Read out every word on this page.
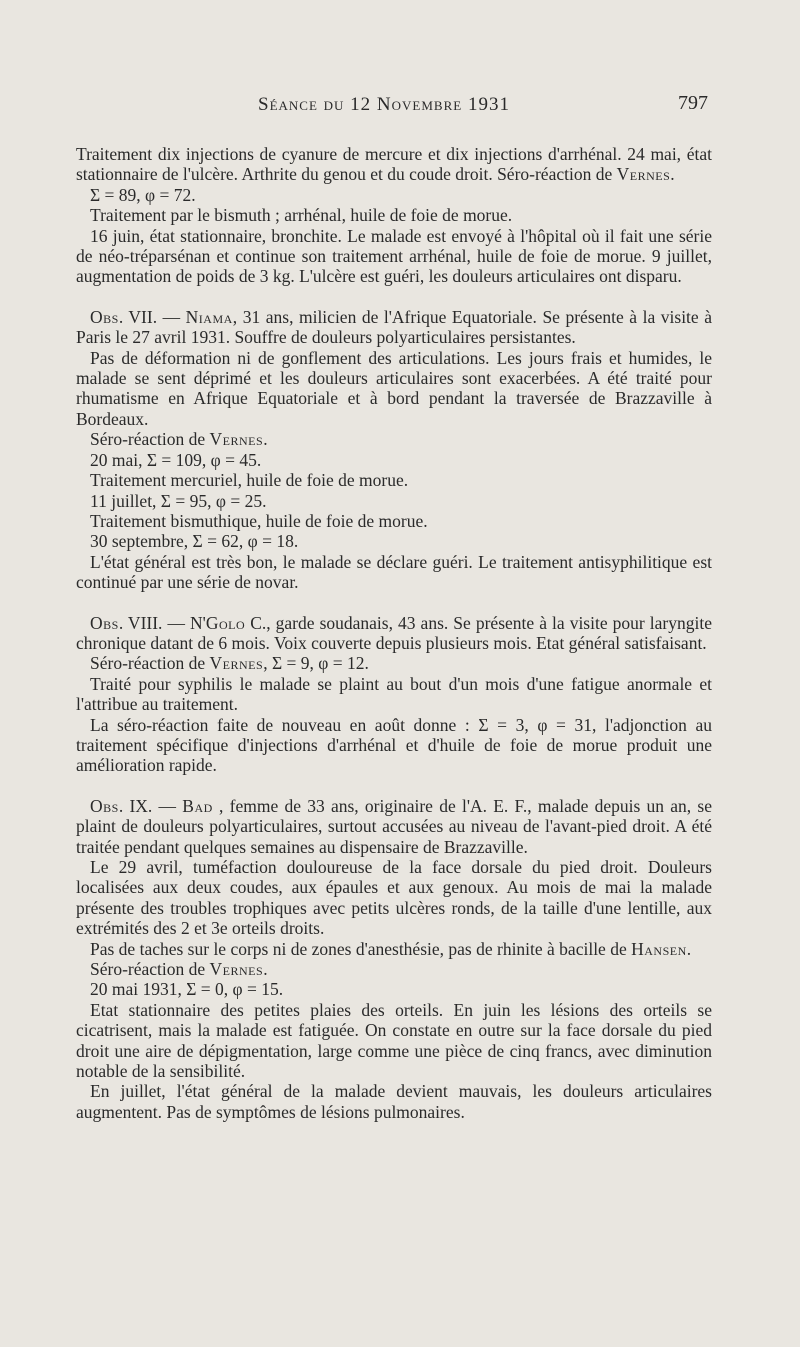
Séance du 12 Novembre 1931	797

Traitement dix injections de cyanure de mercure et dix injections d'arrhénal. 24 mai, état stationnaire de l'ulcère. Arthrite du genou et du coude droit. Séro-réaction de Vernes.

Σ = 89, φ = 72.

Traitement par le bismuth ; arrhénal, huile de foie de morue.

16 juin, état stationnaire, bronchite. Le malade est envoyé à l'hôpital où il fait une série de néo-tréparsénan et continue son traitement arrhénal, huile de foie de morue. 9 juillet, augmentation de poids de 3 kg. L'ulcère est guéri, les douleurs articulaires ont disparu.

Obs. VII. — Niama, 31 ans, milicien de l'Afrique Equatoriale. Se présente à la visite à Paris le 27 avril 1931. Souffre de douleurs polyarticulaires persistantes.

Pas de déformation ni de gonflement des articulations. Les jours frais et humides, le malade se sent déprimé et les douleurs articulaires sont exacerbées. A été traité pour rhumatisme en Afrique Equatoriale et à bord pendant la traversée de Brazzaville à Bordeaux.

Séro-réaction de Vernes.

20 mai, Σ = 109, φ = 45.

Traitement mercuriel, huile de foie de morue.

11 juillet, Σ = 95, φ = 25.

Traitement bismuthique, huile de foie de morue.

30 septembre, Σ = 62, φ = 18.

L'état général est très bon, le malade se déclare guéri. Le traitement antisyphilitique est continué par une série de novar.

Obs. VIII. — N'Golo C., garde soudanais, 43 ans. Se présente à la visite pour laryngite chronique datant de 6 mois. Voix couverte depuis plusieurs mois. Etat général satisfaisant.

Séro-réaction de Vernes, Σ = 9, φ = 12.

Traité pour syphilis le malade se plaint au bout d'un mois d'une fatigue anormale et l'attribue au traitement.

La séro-réaction faite de nouveau en août donne : Σ = 3, φ = 31, l'adjonction au traitement spécifique d'injections d'arrhénal et d'huile de foie de morue produit une amélioration rapide.

Obs. IX. — Bad , femme de 33 ans, originaire de l'A. E. F., malade depuis un an, se plaint de douleurs polyarticulaires, surtout accusées au niveau de l'avant-pied droit. A été traitée pendant quelques semaines au dispensaire de Brazzaville.

Le 29 avril, tuméfaction douloureuse de la face dorsale du pied droit. Douleurs localisées aux deux coudes, aux épaules et aux genoux. Au mois de mai la malade présente des troubles trophiques avec petits ulcères ronds, de la taille d'une lentille, aux extrémités des 2 et 3e orteils droits.

Pas de taches sur le corps ni de zones d'anesthésie, pas de rhinite à bacille de Hansen.

Séro-réaction de Vernes.

20 mai 1931, Σ = 0, φ = 15.

Etat stationnaire des petites plaies des orteils. En juin les lésions des orteils se cicatrisent, mais la malade est fatiguée. On constate en outre sur la face dorsale du pied droit une aire de dépigmentation, large comme une pièce de cinq francs, avec diminution notable de la sensibilité.

En juillet, l'état général de la malade devient mauvais, les douleurs articulaires augmentent. Pas de symptômes de lésions pulmonaires.
